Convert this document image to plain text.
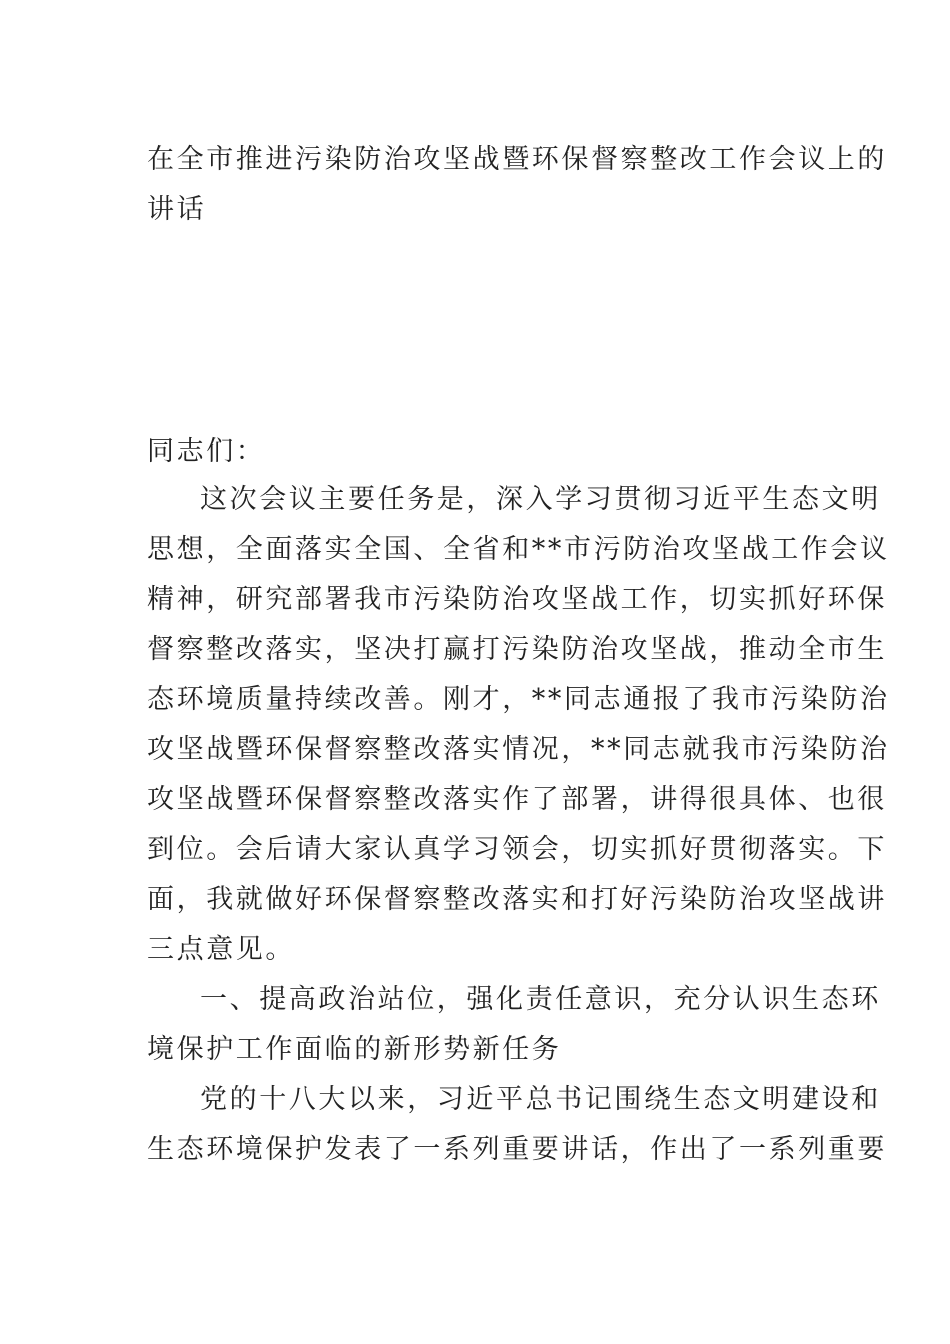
在全市推进污染防治攻坚战暨环保督察整改工作会议上的
讲话
同志们：
这次会议主要任务是，深入学习贯彻习近平生态文明
思想，全面落实全国、全省和**市污防治攻坚战工作会议
精神，研究部署我市污染防治攻坚战工作，切实抓好环保
督察整改落实，坚决打赢打污染防治攻坚战，推动全市生
态环境质量持续改善。刚才，**同志通报了我市污染防治
攻坚战暨环保督察整改落实情况，**同志就我市污染防治
攻坚战暨环保督察整改落实作了部署，讲得很具体、也很
到位。会后请大家认真学习领会，切实抓好贯彻落实。下
面，我就做好环保督察整改落实和打好污染防治攻坚战讲
三点意见。
一、提高政治站位，强化责任意识，充分认识生态环
境保护工作面临的新形势新任务
党的十八大以来，习近平总书记围绕生态文明建设和
生态环境保护发表了一系列重要讲话，作出了一系列重要
